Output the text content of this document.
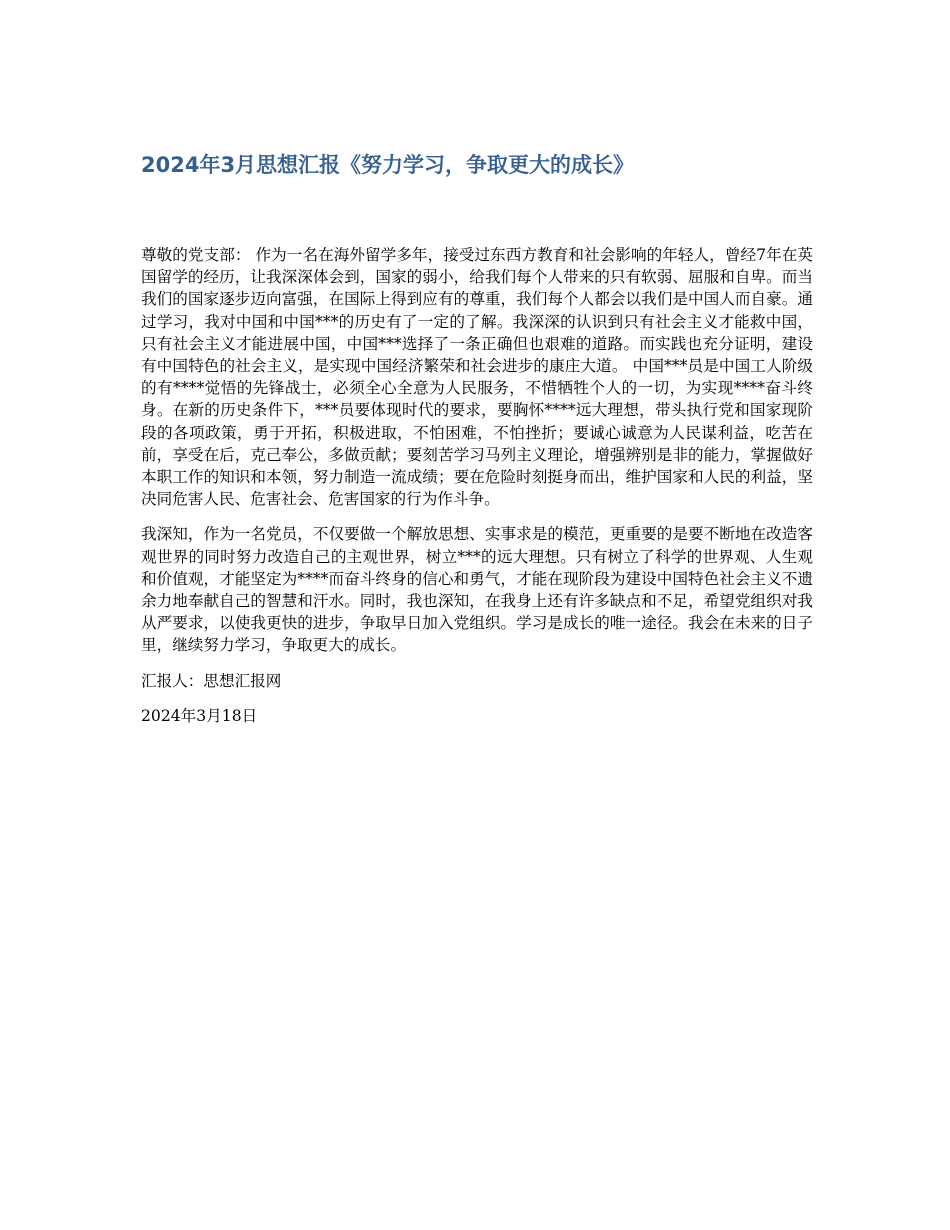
2024年3月思想汇报《努力学习，争取更大的成长》

尊敬的党支部： 作为一名在海外留学多年，接受过东西方教育和社会影响的年轻人，曾经7年在英国留学的经历，让我深深体会到，国家的弱小，给我们每个人带来的只有软弱、屈服和自卑。而当我们的国家逐步迈向富强，在国际上得到应有的尊重，我们每个人都会以我们是中国人而自豪。通过学习，我对中国和中国***的历史有了一定的了解。我深深的认识到只有社会主义才能救中国，只有社会主义才能进展中国，中国***选择了一条正确但也艰难的道路。而实践也充分证明，建设有中国特色的社会主义，是实现中国经济繁荣和社会进步的康庄大道。 中国***员是中国工人阶级的有****觉悟的先锋战士，必须全心全意为人民服务，不惜牺牲个人的一切，为实现****奋斗终身。在新的历史条件下，***员要体现时代的要求，要胸怀****远大理想，带头执行党和国家现阶段的各项政策，勇于开拓，积极进取，不怕困难，不怕挫折；要诚心诚意为人民谋利益，吃苦在前，享受在后，克己奉公，多做贡献；要刻苦学习马列主义理论，增强辨别是非的能力，掌握做好本职工作的知识和本领，努力制造一流成绩；要在危险时刻挺身而出，维护国家和人民的利益，坚决同危害人民、危害社会、危害国家的行为作斗争。

我深知，作为一名党员，不仅要做一个解放思想、实事求是的模范，更重要的是要不断地在改造客观世界的同时努力改造自己的主观世界，树立***的远大理想。只有树立了科学的世界观、人生观和价值观，才能坚定为****而奋斗终身的信心和勇气，才能在现阶段为建设中国特色社会主义不遗余力地奉献自己的智慧和汗水。同时，我也深知，在我身上还有许多缺点和不足，希望党组织对我从严要求，以使我更快的进步，争取早日加入党组织。学习是成长的唯一途径。我会在未来的日子里，继续努力学习，争取更大的成长。

汇报人：思想汇报网

2024年3月18日
